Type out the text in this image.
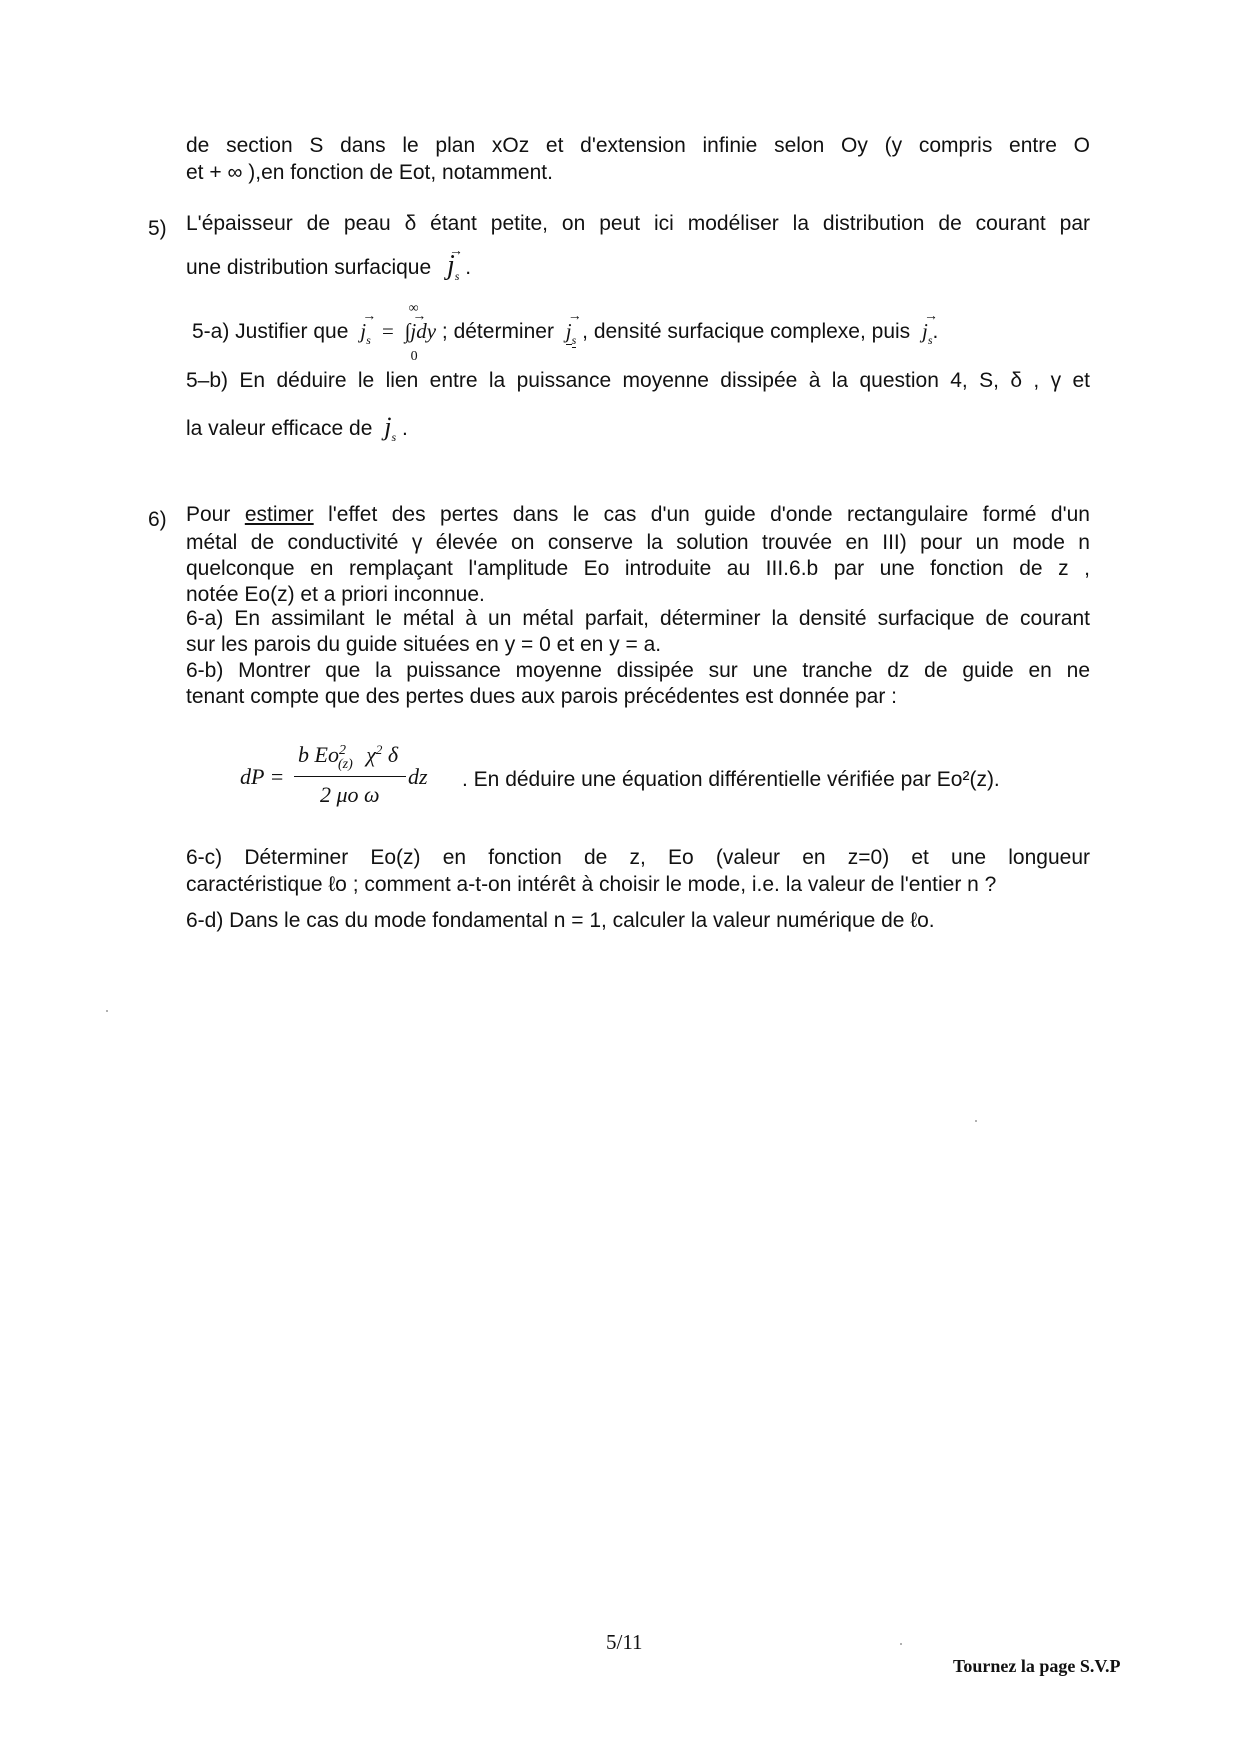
de section S dans le plan xOz et d'extension infinie selon Oy (y compris entre O
et + ∞ ),en fonction de Eot, notamment.
5) L'épaisseur de peau δ étant petite, on peut ici modéliser la distribution de courant par
une distribution surfacique
→
$j_s$ .
5-a) Justifier que
→
$j_s$ =
∞
0
∫
→
jdy ; déterminer
→
$j_s$ , densité surfacique complexe, puis
→
$j_s$.
5–b) En déduire le lien entre la puissance moyenne dissipée à la question 4, S, δ , γ et
la valeur efficace de $j_s$ .
6) Pour estimer l'effet des pertes dans le cas d'un guide d'onde rectangulaire formé d'un
métal de conductivité γ élevée on conserve la solution trouvée en III) pour un mode n
quelconque en remplaçant l'amplitude Eo introduite au III.6.b par une fonction de z ,
notée Eo(z) et a priori inconnue.
6-a) En assimilant le métal à un métal parfait, déterminer la densité surfacique de courant
sur les parois du guide situées en y = 0 et en y = a.
6-b) Montrer que la puissance moyenne dissipée sur une tranche dz de guide en ne
tenant compte que des pertes dues aux parois précédentes est donnée par :
dP =
b $Eo^2_{(z)}$ $\chi^2$ δ
dz
2 μo ω
. En déduire une équation différentielle vérifiée par Eo²(z).
6-c) Déterminer Eo(z) en fonction de z, Eo (valeur en z=0) et une longueur
caractéristique ℓo ; comment a-t-on intérêt à choisir le mode, i.e. la valeur de l'entier n ?
6-d) Dans le cas du mode fondamental n = 1, calculer la valeur numérique de ℓo.
5/11
Tournez la page S.V.P
